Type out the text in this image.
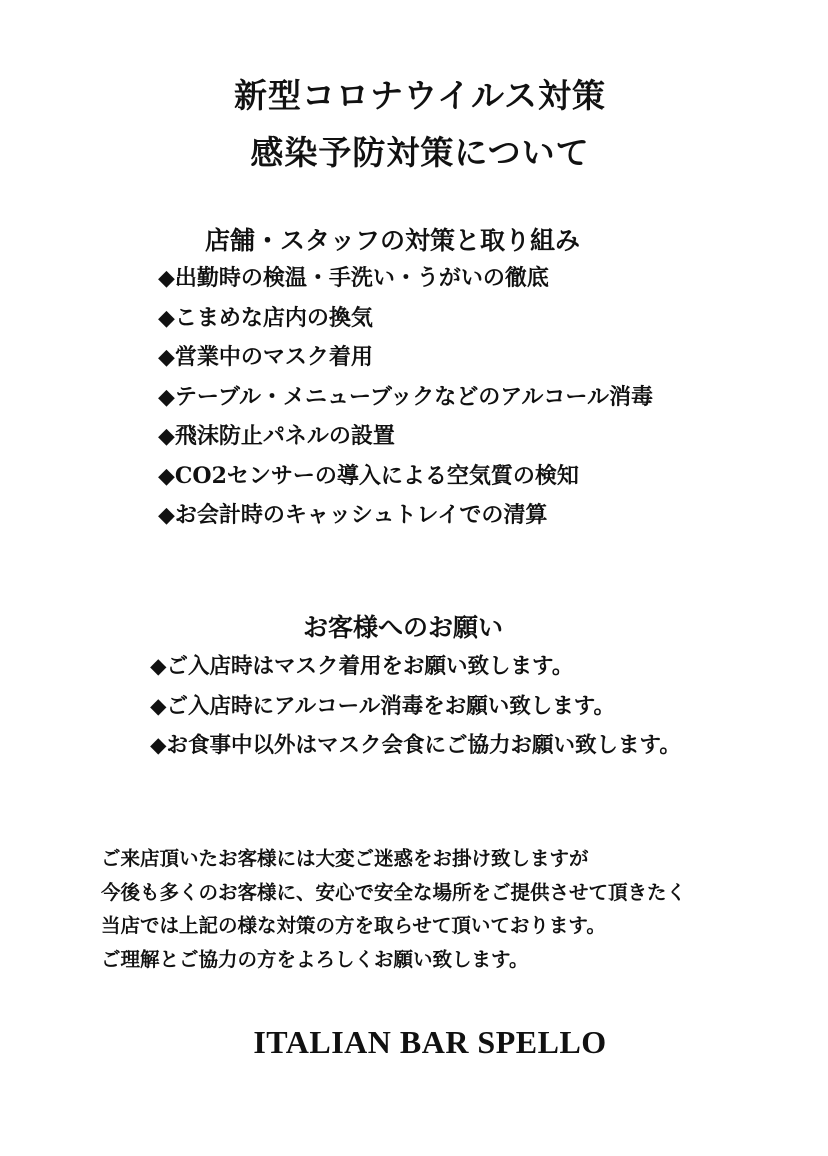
新型コロナウイルス対策
感染予防対策について
店舗・スタッフの対策と取り組み
◆出勤時の検温・手洗い・うがいの徹底
◆こまめな店内の換気
◆営業中のマスク着用
◆テーブル・メニューブックなどのアルコール消毒
◆飛沫防止パネルの設置
◆CO2センサーの導入による空気質の検知
◆お会計時のキャッシュトレイでの清算
お客様へのお願い
◆ご入店時はマスク着用をお願い致します。
◆ご入店時にアルコール消毒をお願い致します。
◆お食事中以外はマスク会食にご協力お願い致します。
ご来店頂いたお客様には大変ご迷惑をお掛け致しますが
今後も多くのお客様に、安心で安全な場所をご提供させて頂きたく
当店では上記の様な対策の方を取らせて頂いております。
ご理解とご協力の方をよろしくお願い致します。
ITALIAN BAR SPELLO
